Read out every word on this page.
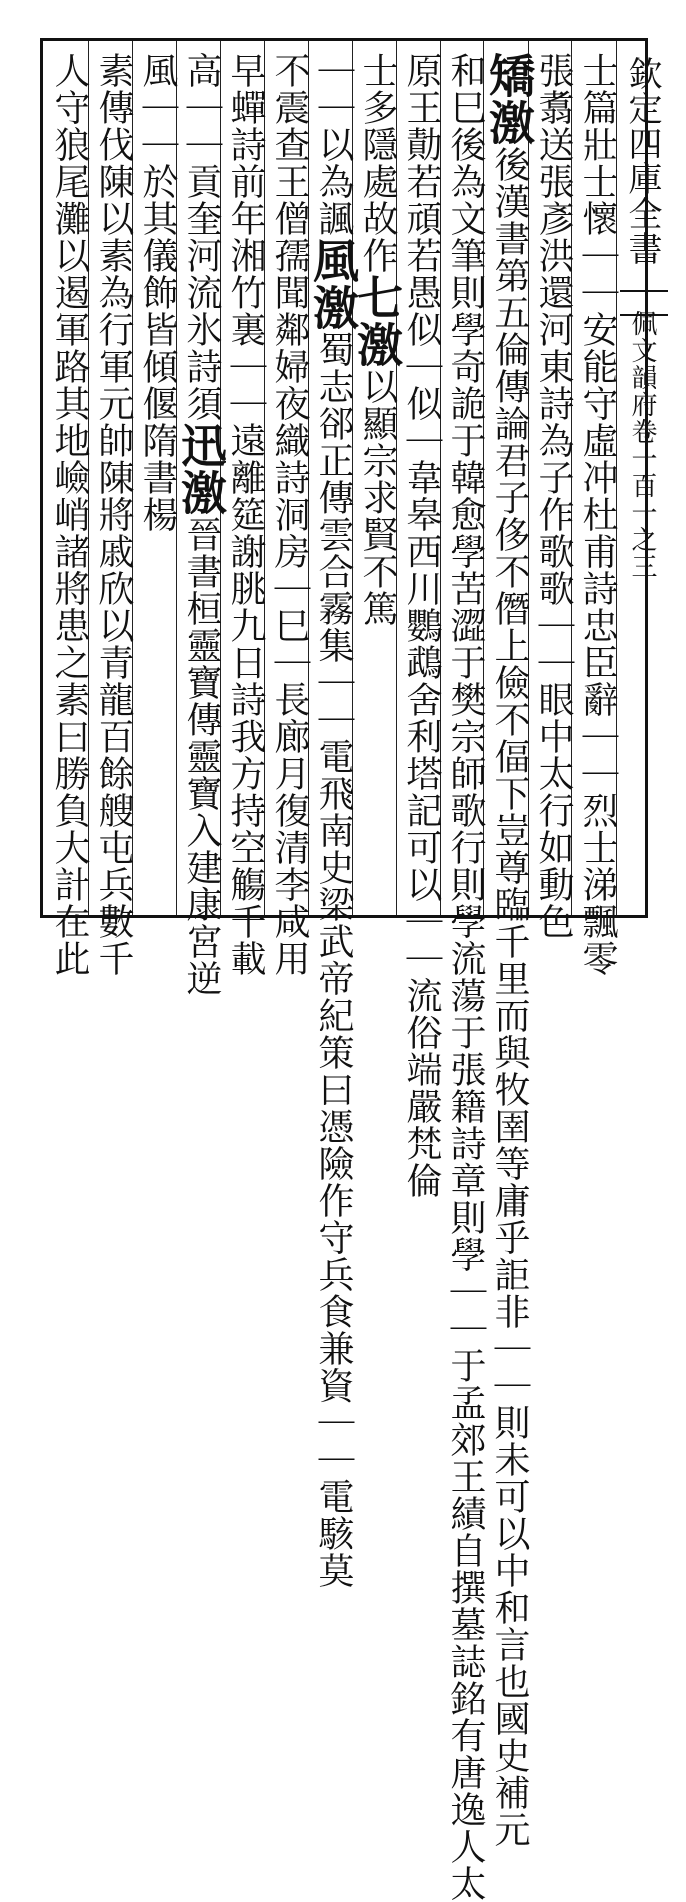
欽定四庫全書
佩文韻府卷一百一之三
士篇壯士懷｜｜安能守虛冲杜甫詩忠臣辭｜｜烈士涕飄零
張翥送張彥洪還河東詩為子作歌歌｜｜眼中太行如動色
矯激後漢書第五倫傳論君子侈不僭上儉不偪下豈尊臨千里而與牧圉等庸乎詎非｜｜則未可以中和言也國史補元
和巳後為文筆則學奇詭于韓愈學苦澀于樊宗師歌行則學流蕩于張籍詩章則學｜｜于孟郊王績自撰墓誌銘有唐逸人太
原王勣若頑若愚似｜似｜韋皋西川鸚鵡舍利塔記可以｜｜流俗端嚴梵倫
士多隱處故作七激以顯宗求賢不篤
｜｜以為諷風激蜀志郤正傳雲合霧集｜｜電飛南史梁武帝紀策曰憑險作守兵食兼資｜｜電駭莫
不震查王僧孺聞鄰婦夜織詩洞房｜巳｜長廊月復清李咸用
早蟬詩前年湘竹裏｜｜遠離筵謝朓九日詩我方持空觴千載
高｜｜貢奎河流氷詩須迅激晉書桓靈寶傳靈寶入建康宮逆
風｜｜於其儀飾皆傾偃隋書楊
素傳伐陳以素為行軍元帥陳將戚欣以青龍百餘艘屯兵數千
人守狼尾灘以遏軍路其地嶮峭諸將患之素曰勝負大計在此
